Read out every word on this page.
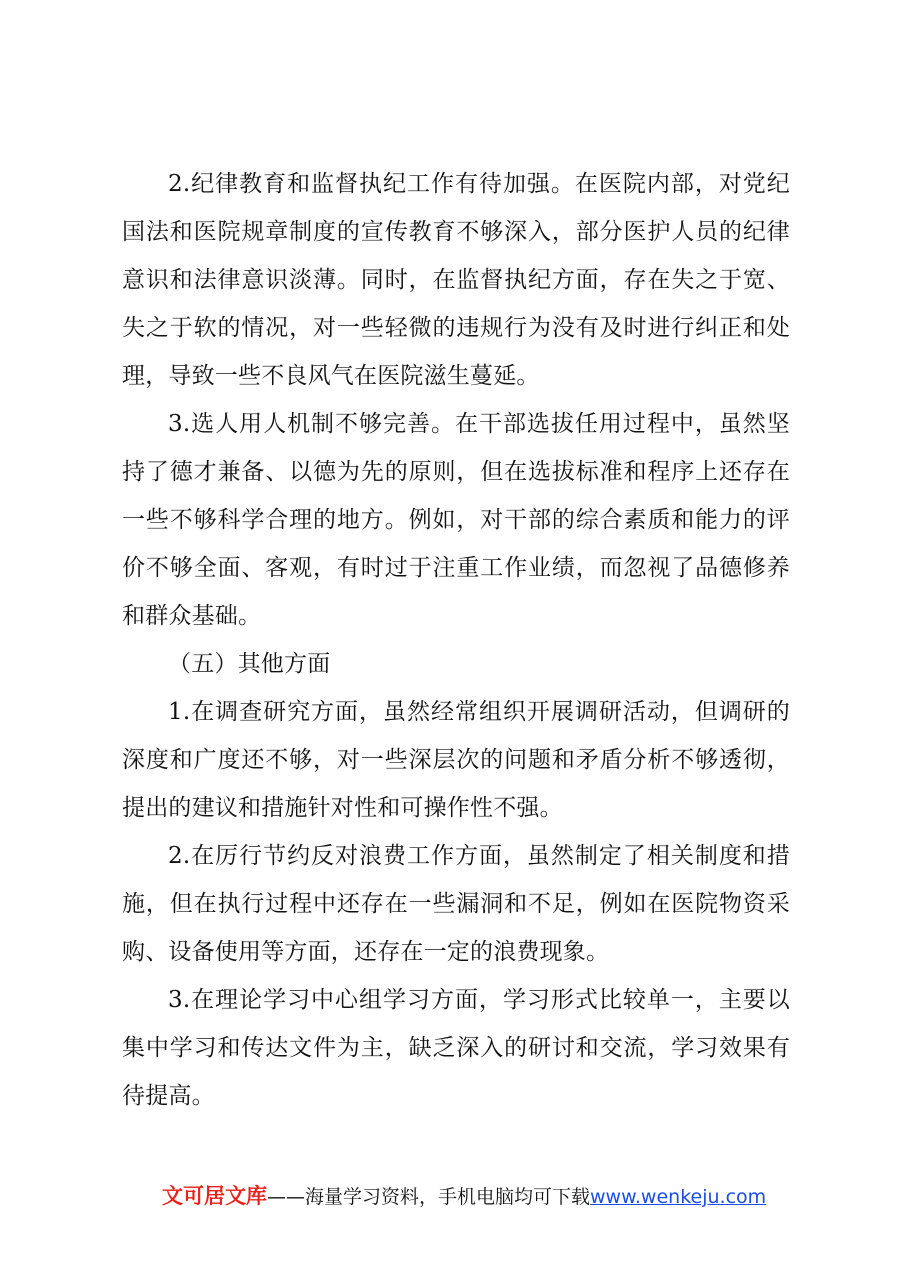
2.纪律教育和监督执纪工作有待加强。在医院内部，对党纪国法和医院规章制度的宣传教育不够深入，部分医护人员的纪律意识和法律意识淡薄。同时，在监督执纪方面，存在失之于宽、失之于软的情况，对一些轻微的违规行为没有及时进行纠正和处理，导致一些不良风气在医院滋生蔓延。

3.选人用人机制不够完善。在干部选拔任用过程中，虽然坚持了德才兼备、以德为先的原则，但在选拔标准和程序上还存在一些不够科学合理的地方。例如，对干部的综合素质和能力的评价不够全面、客观，有时过于注重工作业绩，而忽视了品德修养和群众基础。

（五）其他方面

1.在调查研究方面，虽然经常组织开展调研活动，但调研的深度和广度还不够，对一些深层次的问题和矛盾分析不够透彻，提出的建议和措施针对性和可操作性不强。

2.在厉行节约反对浪费工作方面，虽然制定了相关制度和措施，但在执行过程中还存在一些漏洞和不足，例如在医院物资采购、设备使用等方面，还存在一定的浪费现象。

3.在理论学习中心组学习方面，学习形式比较单一，主要以集中学习和传达文件为主，缺乏深入的研讨和交流，学习效果有待提高。

文可居文库——海量学习资料，手机电脑均可下载www.wenkeju.com
